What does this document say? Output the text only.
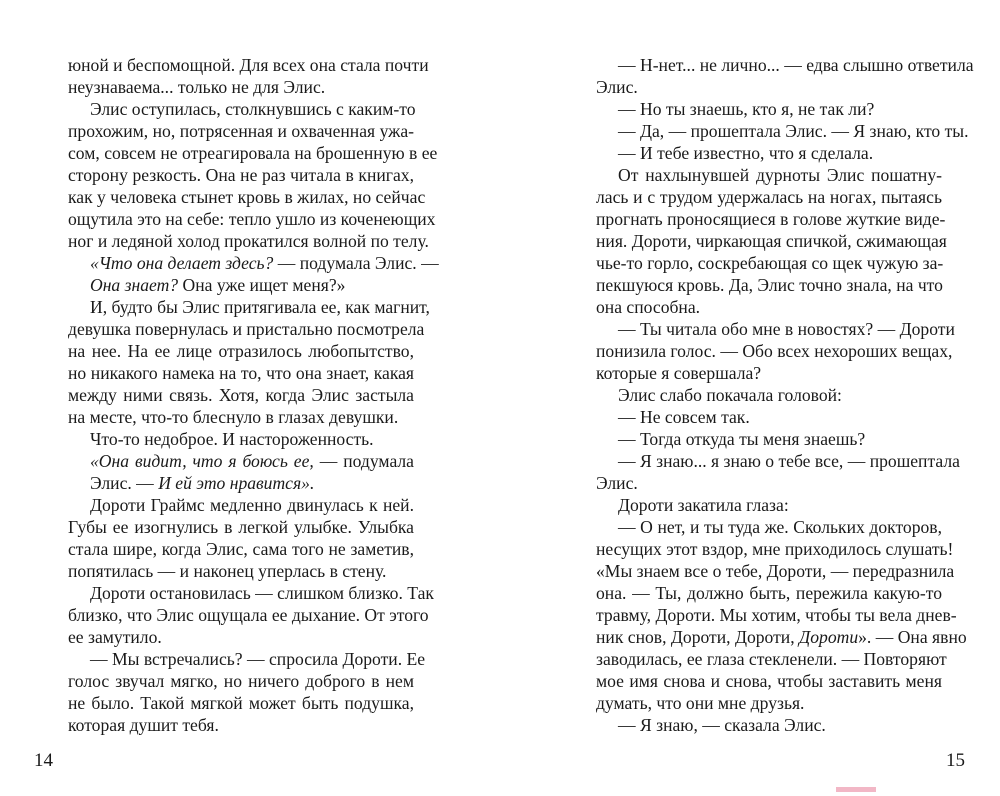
юной и беспомощной. Для всех она стала почти
неузнаваема... только не для Элис.
Элис оступилась, столкнувшись с каким-то
прохожим, но, потрясенная и охваченная ужа-
сом, совсем не отреагировала на брошенную в ее
сторону резкость. Она не раз читала в книгах,
как у человека стынет кровь в жилах, но сейчас
ощутила это на себе: тепло ушло из коченеющих
ног и ледяной холод прокатился волной по телу.
«Что она делает здесь? — подумала Элис. —
Она знает? Она уже ищет меня?»
И, будто бы Элис притягивала ее, как магнит,
девушка повернулась и пристально посмотрела
на нее. На ее лице отразилось любопытство,
но никакого намека на то, что она знает, какая
между ними связь. Хотя, когда Элис застыла
на месте, что-то блеснуло в глазах девушки.
Что-то недоброе. И настороженность.
«Она видит, что я боюсь ее, — подумала
Элис. — И ей это нравится».
Дороти Граймс медленно двинулась к ней.
Губы ее изогнулись в легкой улыбке. Улыбка
стала шире, когда Элис, сама того не заметив,
попятилась — и наконец уперлась в стену.
Дороти остановилась — слишком близко. Так
близко, что Элис ощущала ее дыхание. От этого
ее замутило.
— Мы встречались? — спросила Дороти. Ее
голос звучал мягко, но ничего доброго в нем
не было. Такой мягкой может быть подушка,
которая душит тебя.
— Н-нет... не лично... — едва слышно ответила
Элис.
— Но ты знаешь, кто я, не так ли?
— Да, — прошептала Элис. — Я знаю, кто ты.
— И тебе известно, что я сделала.
От нахлынувшей дурноты Элис пошатну-
лась и с трудом удержалась на ногах, пытаясь
прогнать проносящиеся в голове жуткие виде-
ния. Дороти, чиркающая спичкой, сжимающая
чье-то горло, соскребающая со щек чужую за-
пекшуюся кровь. Да, Элис точно знала, на что
она способна.
— Ты читала обо мне в новостях? — Дороти
понизила голос. — Обо всех нехороших вещах,
которые я совершала?
Элис слабо покачала головой:
— Не совсем так.
— Тогда откуда ты меня знаешь?
— Я знаю... я знаю о тебе все, — прошептала
Элис.
Дороти закатила глаза:
— О нет, и ты туда же. Скольких докторов,
несущих этот вздор, мне приходилось слушать!
«Мы знаем все о тебе, Дороти, — передразнила
она. — Ты, должно быть, пережила какую-то
травму, Дороти. Мы хотим, чтобы ты вела днев-
ник снов, Дороти, Дороти, Дороти». — Она явно
заводилась, ее глаза стекленели. — Повторяют
мое имя снова и снова, чтобы заставить меня
думать, что они мне друзья.
— Я знаю, — сказала Элис.
14	15
